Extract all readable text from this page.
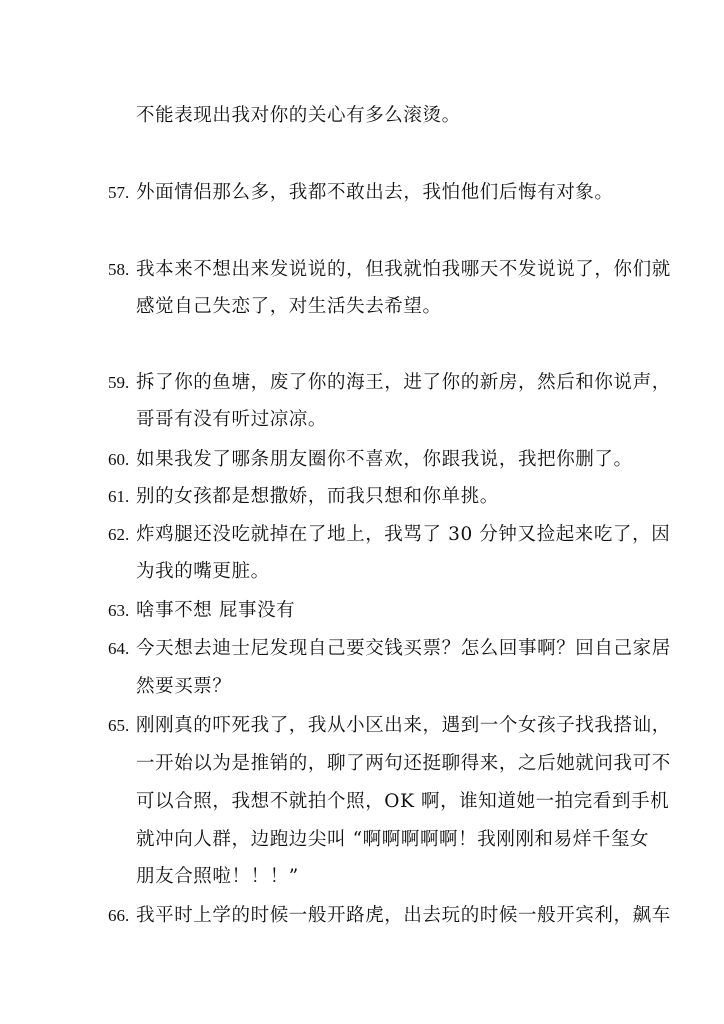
不能表现出我对你的关心有多么滚烫。
57. 外面情侣那么多，我都不敢出去，我怕他们后悔有对象。
58. 我本来不想出来发说说的，但我就怕我哪天不发说说了，你们就
感觉自己失恋了，对生活失去希望。
59. 拆了你的鱼塘，废了你的海王，进了你的新房，然后和你说声，
哥哥有没有听过凉凉。
60. 如果我发了哪条朋友圈你不喜欢，你跟我说，我把你删了。
61. 别的女孩都是想撒娇，而我只想和你单挑。
62. 炸鸡腿还没吃就掉在了地上，我骂了 30 分钟又捡起来吃了，因
为我的嘴更脏。
63. 啥事不想 屁事没有
64. 今天想去迪士尼发现自己要交钱买票？怎么回事啊？回自己家居
然要买票？
65. 刚刚真的吓死我了，我从小区出来，遇到一个女孩子找我搭讪，
一开始以为是推销的，聊了两句还挺聊得来，之后她就问我可不
可以合照，我想不就拍个照，OK 啊，谁知道她一拍完看到手机
就冲向人群，边跑边尖叫 “啊啊啊啊啊！我刚刚和易烊千玺女
朋友合照啦！！！”
66. 我平时上学的时候一般开路虎，出去玩的时候一般开宾利，飙车
